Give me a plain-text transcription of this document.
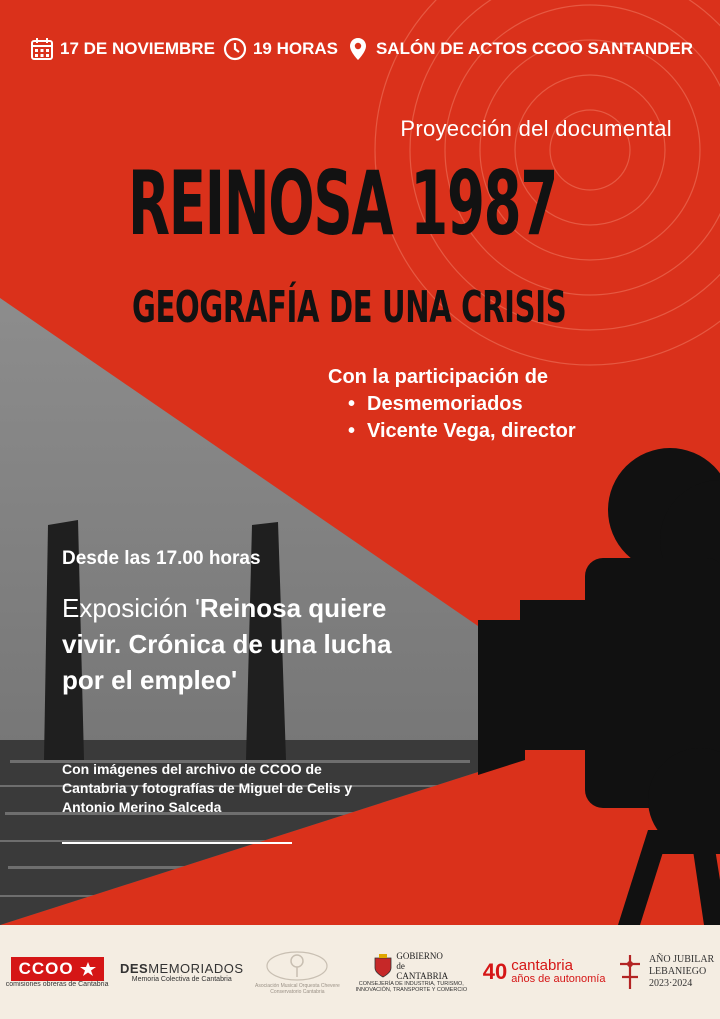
17 DE NOVIEMBRE 19 HORAS SALÓN DE ACTOS CCOO SANTANDER
Proyección del documental
REINOSA 1987
GEOGRAFÍA DE UNA CRISIS
Con la participación de
• Desmemoriados
• Vicente Vega, director
Desde las 17.00 horas
Exposición 'Reinosa quiere vivir. Crónica de una lucha por el empleo'
Con imágenes del archivo de CCOO de Cantabria y fotografías de Miguel de Celis y Antonio Merino Salceda
CCOO
comisiones obreras de Cantabria
DESMEMORIADOS
Memoria Colectiva de Cantabria
Asociación Musical Orquesta Chevere
Conservatorio Cantabria
GOBIERNO
de
CANTABRIA
CONSEJERÍA DE INDUSTRIA, TURISMO, INNOVACIÓN, TRANSPORTE Y COMERCIO
40 cantabria
años de autonomía
AÑO JUBILAR
LEBANIEGO
2023·2024
